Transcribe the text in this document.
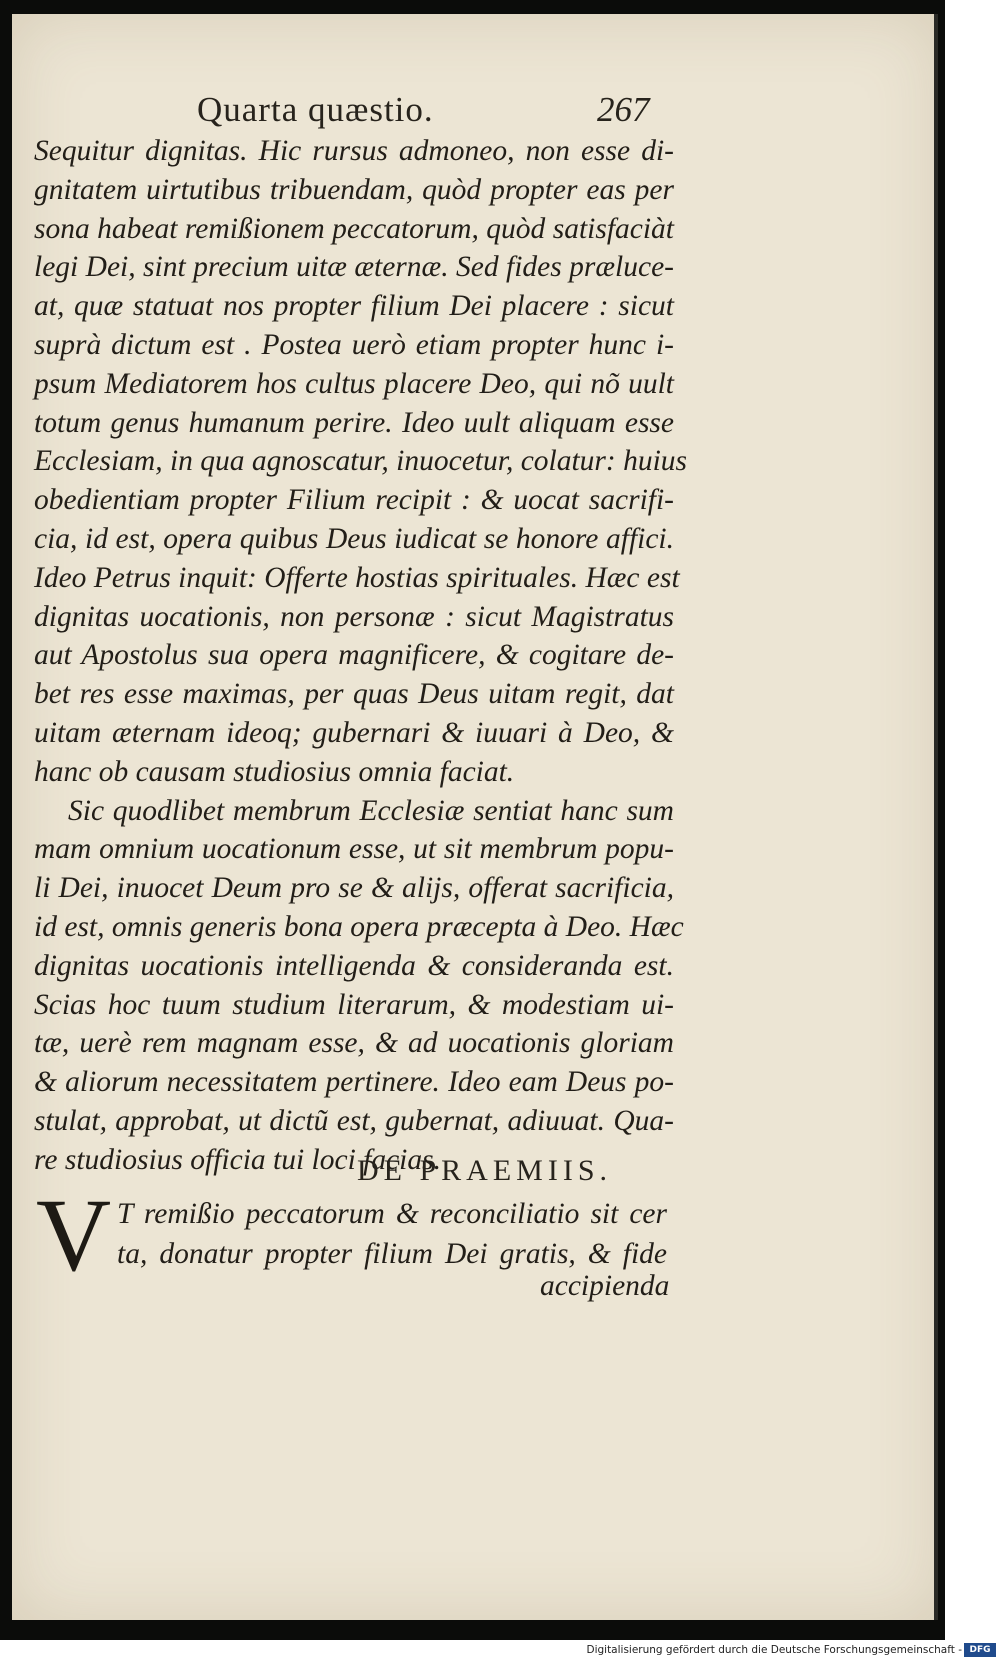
Quarta quæstio.	267
Sequitur dignitas. Hic rursus admoneo, non esse di-
gnitatem uirtutibus tribuendam, quòd propter eas per
sona habeat remißionem peccatorum, quòd satisfaciàt
legi Dei, sint precium uitæ æternæ. Sed fides præluce-
at, quæ statuat nos propter filium Dei placere : sicut
suprà dictum est . Postea uerò etiam propter hunc i-
psum Mediatorem hos cultus placere Deo, qui nõ uult
totum genus humanum perire. Ideo uult aliquam esse
Ecclesiam, in qua agnoscatur, inuocetur, colatur: huius
obedientiam propter Filium recipit : & uocat sacrifi-
cia, id est, opera quibus Deus iudicat se honore affici.
Ideo Petrus inquit: Offerte hostias spirituales. Hæc est
dignitas uocationis, non personæ : sicut Magistratus
aut Apostolus sua opera magnificere, & cogitare de-
bet res esse maximas, per quas Deus uitam regit, dat
uitam æternam ideoq; gubernari & iuuari à Deo, &
hanc ob causam studiosius omnia faciat.
Sic quodlibet membrum Ecclesiæ sentiat hanc sum
mam omnium uocationum esse, ut sit membrum popu-
li Dei, inuocet Deum pro se & alijs, offerat sacrificia,
id est, omnis generis bona opera præcepta à Deo. Hæc
dignitas uocationis intelligenda & consideranda est.
Scias hoc tuum studium literarum, & modestiam ui-
tæ, uerè rem magnam esse, & ad uocationis gloriam
& aliorum necessitatem pertinere. Ideo eam Deus po-
stulat, approbat, ut dictũ est, gubernat, adiuuat. Qua-
re studiosius officia tui loci facias.
DE PRAEMIIS.
V T remißio peccatorum & reconciliatio sit cer
ta, donatur propter filium Dei gratis, & fide
accipienda
Digitalisierung gefördert durch die Deutsche Forschungsgemeinschaft - DFG
